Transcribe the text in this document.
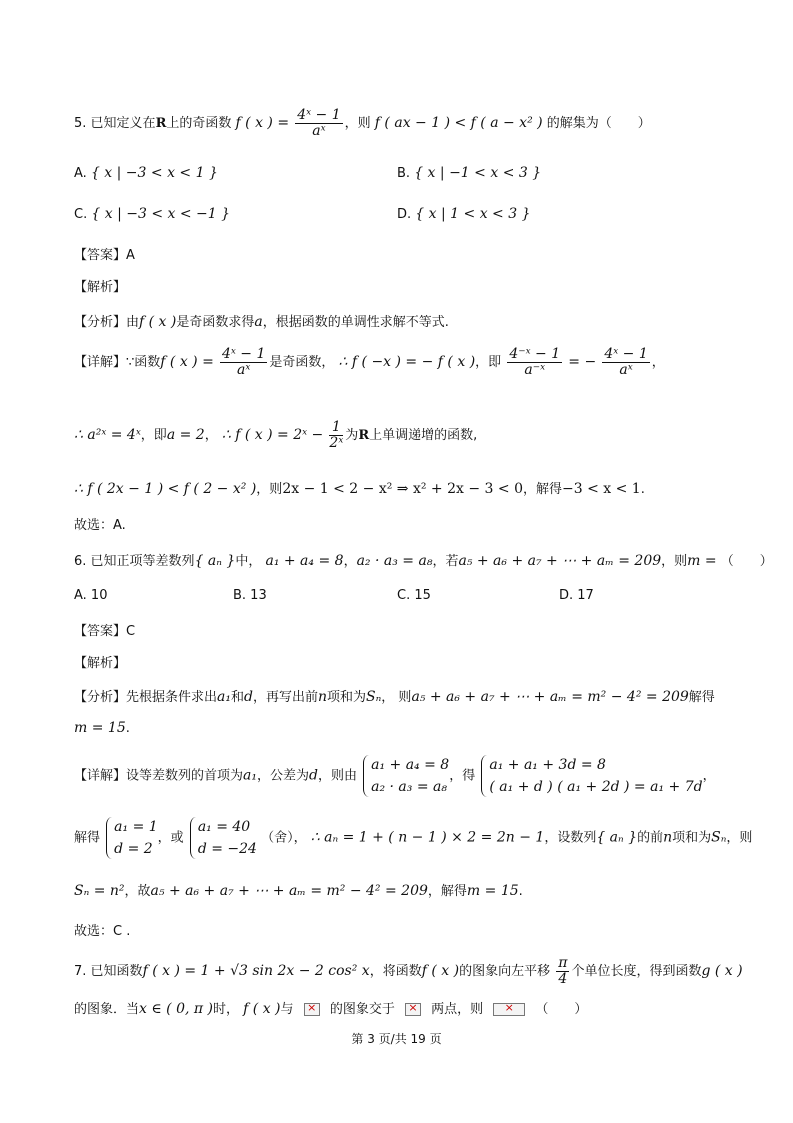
5. 已知定义在R上的奇函数 f ( x ) = $\frac{\text{4ˣ − 1}}{\text{aˣ}}$ ，则 f ( ax − 1 ) < f ( a − x² ) 的解集为（　　）
A. { x | −3 < x < 1 }	B. { x | −1 < x < 3 }
C. { x | −3 < x < −1 }	D. { x | 1 < x < 3 }
【答案】A
【解析】
【分析】由f ( x )是奇函数求得a，根据函数的单调性求解不等式.
【详解】∵函数f ( x ) = $\frac{\text{4ˣ − 1}}{\text{aˣ}}$ 是奇函数， ∴ f ( −x ) = − f ( x )，即 $\frac{\text{4⁻ˣ − 1}}{\text{a⁻ˣ}}$ = − $\frac{\text{4ˣ − 1}}{\text{aˣ}}$ ，
∴ a²ˣ = 4ˣ，即a = 2， ∴ f ( x ) = 2ˣ − $\frac{1}{\text{2ˣ}}$ 为R上单调递增的函数,
∴ f ( 2x − 1 ) < f ( 2 − x² )，则2x − 1 < 2 − x² ⇒ x² + 2x − 3 < 0，解得−3 < x < 1.
故选：A.
6. 已知正项等差数列{ aₙ }中， a₁ + a₄ = 8，a₂ · a₃ = a₈，若a₅ + a₆ + a₇ + ⋯ + aₘ = 209，则m = （　　）
A. 10	B. 13	C. 15	D. 17
【答案】C
【解析】
【分析】先根据条件求出a₁和d，再写出前n项和为Sₙ， 则a₅ + a₆ + a₇ + ⋯ + aₘ = m² − 4² = 209解得
m = 15.
【详解】设等差数列的首项为a₁，公差为d，则由
a₁ + a₄ = 8
a₂ · a₃ = a₈
，得
a₁ + a₁ + 3d = 8
( a₁ + d ) ( a₁ + 2d ) = a₁ + 7d
，
解得
a₁ = 1
d = 2
，或
a₁ = 40
d = −24
（舍）， ∴ aₙ = 1 + ( n − 1 ) × 2 = 2n − 1，设数列{ aₙ }的前n项和为Sₙ，则
Sₙ = n²，故a₅ + a₆ + a₇ + ⋯ + aₘ = m² − 4² = 209，解得m = 15.
故选：C .
7. 已知函数f ( x ) = 1 + √3 sin 2x − 2 cos² x，将函数f ( x )的图象向左平移 $\frac{\pi}{4}$ 个单位长度，得到函数g ( x )
的图象．当x ∈ ( 0, π )时， f ( x )与 ×	的图象交于 ×	两点，则 ×	（　　）
第 3 页/共 19 页
